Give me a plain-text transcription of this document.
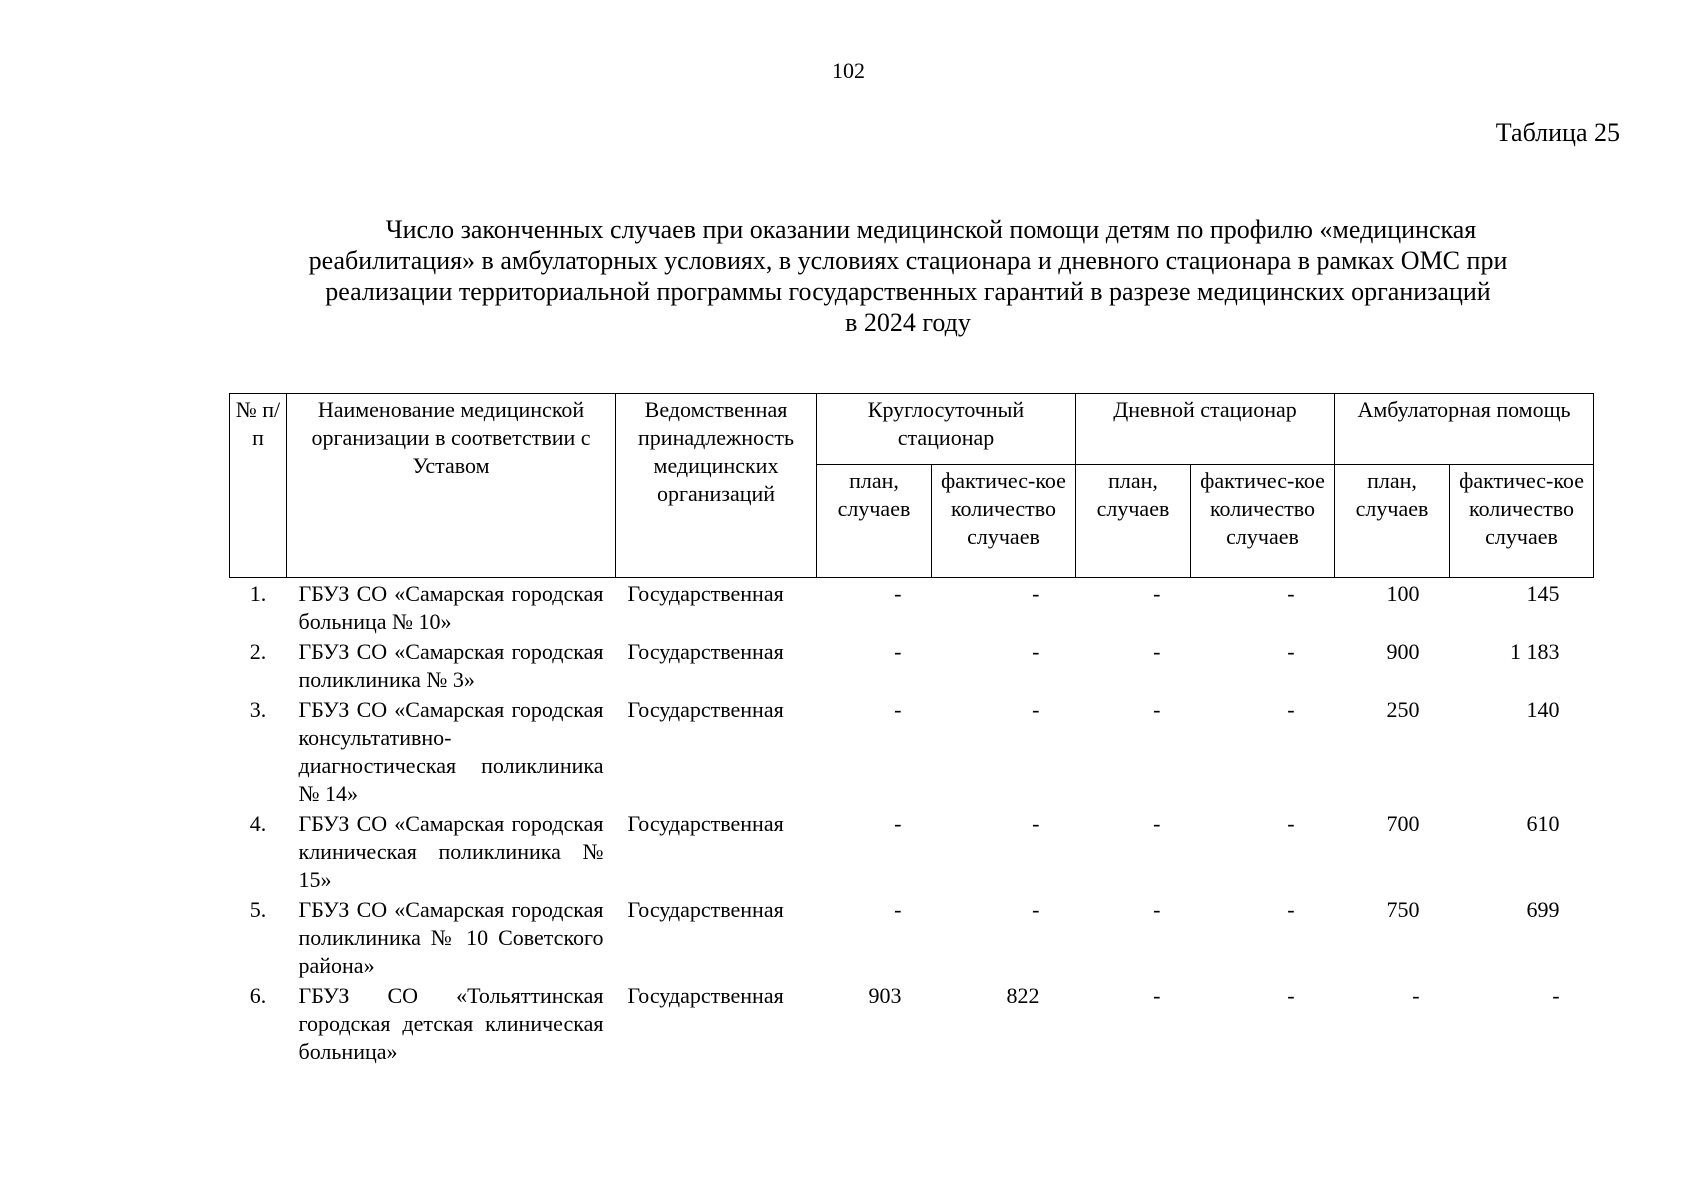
102
Таблица 25
Число законченных случаев при оказании медицинской помощи детям по профилю «медицинская
реабилитация» в амбулаторных условиях, в условиях стационара и дневного стационара в рамках ОМС при
реализации территориальной программы государственных гарантий в разрезе медицинских организаций
в 2024 году
№ п/п	Наименование медицинской организации в соответствии с Уставом	Ведомственная принадлежность медицинских организаций	Круглосуточный стационар		Дневной стационар		Амбулаторная помощь	
			план, случаев	фактичес-кое количество случаев	план, случаев	фактичес-кое количество случаев	план, случаев	фактичес-кое количество случаев
1.	ГБУЗ СО «Самарская городская больница № 10»	Государственная	-	-	-	-	100	145
2.	ГБУЗ СО «Самарская городская поликлиника № 3»	Государственная	-	-	-	-	900	1 183
3.	ГБУЗ СО «Самарская городская консультативно-диагностическая поликлиника № 14»	Государственная	-	-	-	-	250	140
4.	ГБУЗ СО «Самарская городская клиническая поликлиника № 15»	Государственная	-	-	-	-	700	610
5.	ГБУЗ СО «Самарская городская поликлиника № 10 Советского района»	Государственная	-	-	-	-	750	699
6.	ГБУЗ СО «Тольяттинская городская детская клиническая больница»	Государственная	903	822	-	-	-	-
